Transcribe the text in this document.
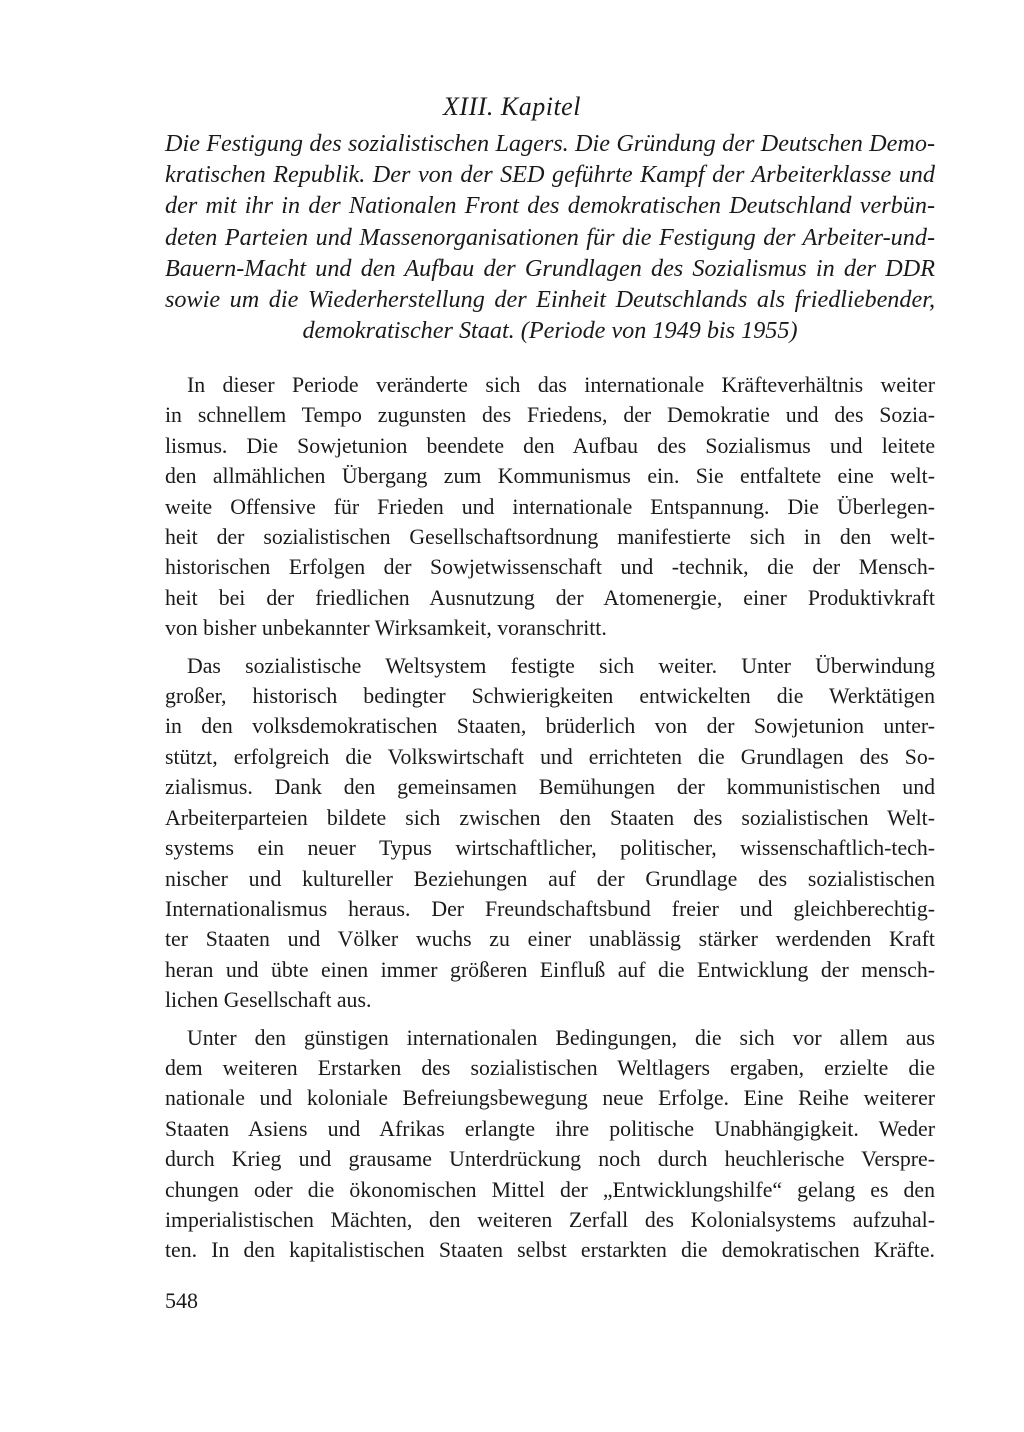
XIII. Kapitel
Die Festigung des sozialistischen Lagers. Die Gründung der Deutschen Demo-
kratischen Republik. Der von der SED geführte Kampf der Arbeiterklasse und
der mit ihr in der Nationalen Front des demokratischen Deutschland verbün-
deten Parteien und Massenorganisationen für die Festigung der Arbeiter-und-
Bauern-Macht und den Aufbau der Grundlagen des Sozialismus in der DDR
sowie um die Wiederherstellung der Einheit Deutschlands als friedliebender,
demokratischer Staat. (Periode von 1949 bis 1955)
In dieser Periode veränderte sich das internationale Kräfteverhältnis weiter
in schnellem Tempo zugunsten des Friedens, der Demokratie und des Sozia-
lismus. Die Sowjetunion beendete den Aufbau des Sozialismus und leitete
den allmählichen Übergang zum Kommunismus ein. Sie entfaltete eine welt-
weite Offensive für Frieden und internationale Entspannung. Die Überlegen-
heit der sozialistischen Gesellschaftsordnung manifestierte sich in den welt-
historischen Erfolgen der Sowjetwissenschaft und -technik, die der Mensch-
heit bei der friedlichen Ausnutzung der Atomenergie, einer Produktivkraft
von bisher unbekannter Wirksamkeit, voranschritt.
Das sozialistische Weltsystem festigte sich weiter. Unter Überwindung
großer, historisch bedingter Schwierigkeiten entwickelten die Werktätigen
in den volksdemokratischen Staaten, brüderlich von der Sowjetunion unter-
stützt, erfolgreich die Volkswirtschaft und errichteten die Grundlagen des So-
zialismus. Dank den gemeinsamen Bemühungen der kommunistischen und
Arbeiterparteien bildete sich zwischen den Staaten des sozialistischen Welt-
systems ein neuer Typus wirtschaftlicher, politischer, wissenschaftlich-tech-
nischer und kultureller Beziehungen auf der Grundlage des sozialistischen
Internationalismus heraus. Der Freundschaftsbund freier und gleichberechtig-
ter Staaten und Völker wuchs zu einer unablässig stärker werdenden Kraft
heran und übte einen immer größeren Einfluß auf die Entwicklung der mensch-
lichen Gesellschaft aus.
Unter den günstigen internationalen Bedingungen, die sich vor allem aus
dem weiteren Erstarken des sozialistischen Weltlagers ergaben, erzielte die
nationale und koloniale Befreiungsbewegung neue Erfolge. Eine Reihe weiterer
Staaten Asiens und Afrikas erlangte ihre politische Unabhängigkeit. Weder
durch Krieg und grausame Unterdrückung noch durch heuchlerische Verspre-
chungen oder die ökonomischen Mittel der „Entwicklungshilfe“ gelang es den
imperialistischen Mächten, den weiteren Zerfall des Kolonialsystems aufzuhal-
ten. In den kapitalistischen Staaten selbst erstarkten die demokratischen Kräfte.
548
